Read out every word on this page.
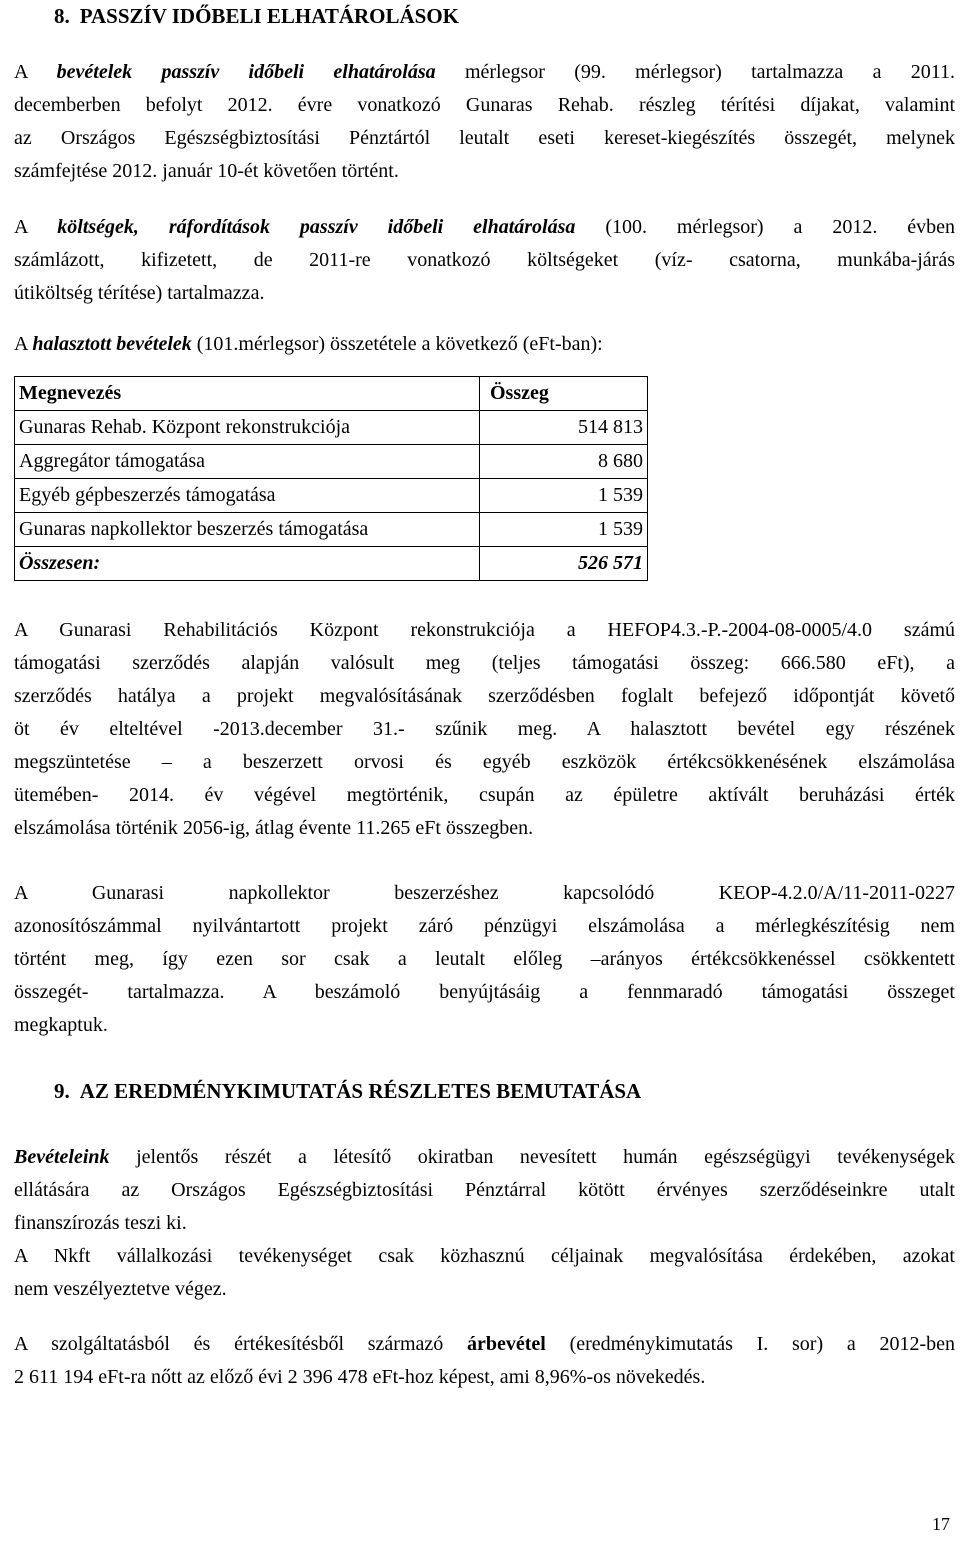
8. PASSZÍV IDŐBELI ELHATÁROLÁSOK

A bevételek passzív időbeli elhatárolása mérlegsor (99. mérlegsor) tartalmazza a 2011.

decemberben befolyt 2012. évre vonatkozó Gunaras Rehab. részleg térítési díjakat, valamint

az Országos Egészségbiztosítási Pénztártól leutalt eseti kereset-kiegészítés összegét, melynek

számfejtése 2012. január 10-ét követően történt.

A költségek, ráfordítások passzív időbeli elhatárolása (100. mérlegsor) a 2012. évben

számlázott, kifizetett, de 2011-re vonatkozó költségeket (víz- csatorna, munkába-járás

útiköltség térítése) tartalmazza.

A halasztott bevételek (101.mérlegsor) összetétele a következő (eFt-ban):
Megnevezés	Összeg
Gunaras Rehab. Központ rekonstrukciója	514 813
Aggregátor támogatása	8 680
Egyéb gépbeszerzés támogatása	1 539
Gunaras napkollektor beszerzés támogatása	1 539
Összesen:	526 571

A Gunarasi Rehabilitációs Központ rekonstrukciója a HEFOP4.3.-P.-2004-08-0005/4.0 számú

támogatási szerződés alapján valósult meg (teljes támogatási összeg: 666.580 eFt), a

szerződés hatálya a projekt megvalósításának szerződésben foglalt befejező időpontját követő

öt év elteltével -2013.december 31.- szűnik meg. A halasztott bevétel egy részének

megszüntetése – a beszerzett orvosi és egyéb eszközök értékcsökkenésének elszámolása

ütemében- 2014. év végével megtörténik, csupán az épületre aktívált beruházási érték

elszámolása történik 2056-ig, átlag évente 11.265 eFt összegben.

A Gunarasi napkollektor beszerzéshez kapcsolódó KEOP-4.2.0/A/11-2011-0227

azonosítószámmal nyilvántartott projekt záró pénzügyi elszámolása a mérlegkészítésig nem

történt meg, így ezen sor csak a leutalt előleg –arányos értékcsökkenéssel csökkentett

összegét- tartalmazza. A beszámoló benyújtásáig a fennmaradó támogatási összeget

megkaptuk.

9. AZ EREDMÉNYKIMUTATÁS RÉSZLETES BEMUTATÁSA

Bevételeink jelentős részét a létesítő okiratban nevesített humán egészségügyi tevékenységek

ellátására az Országos Egészségbiztosítási Pénztárral kötött érvényes szerződéseinkre utalt

finanszírozás teszi ki.

A Nkft vállalkozási tevékenységet csak közhasznú céljainak megvalósítása érdekében, azokat

nem veszélyeztetve végez.

A szolgáltatásból és értékesítésből származó árbevétel (eredménykimutatás I. sor) a 2012-ben

2 611 194 eFt-ra nőtt az előző évi 2 396 478 eFt-hoz képest, ami 8,96%-os növekedés.

17
